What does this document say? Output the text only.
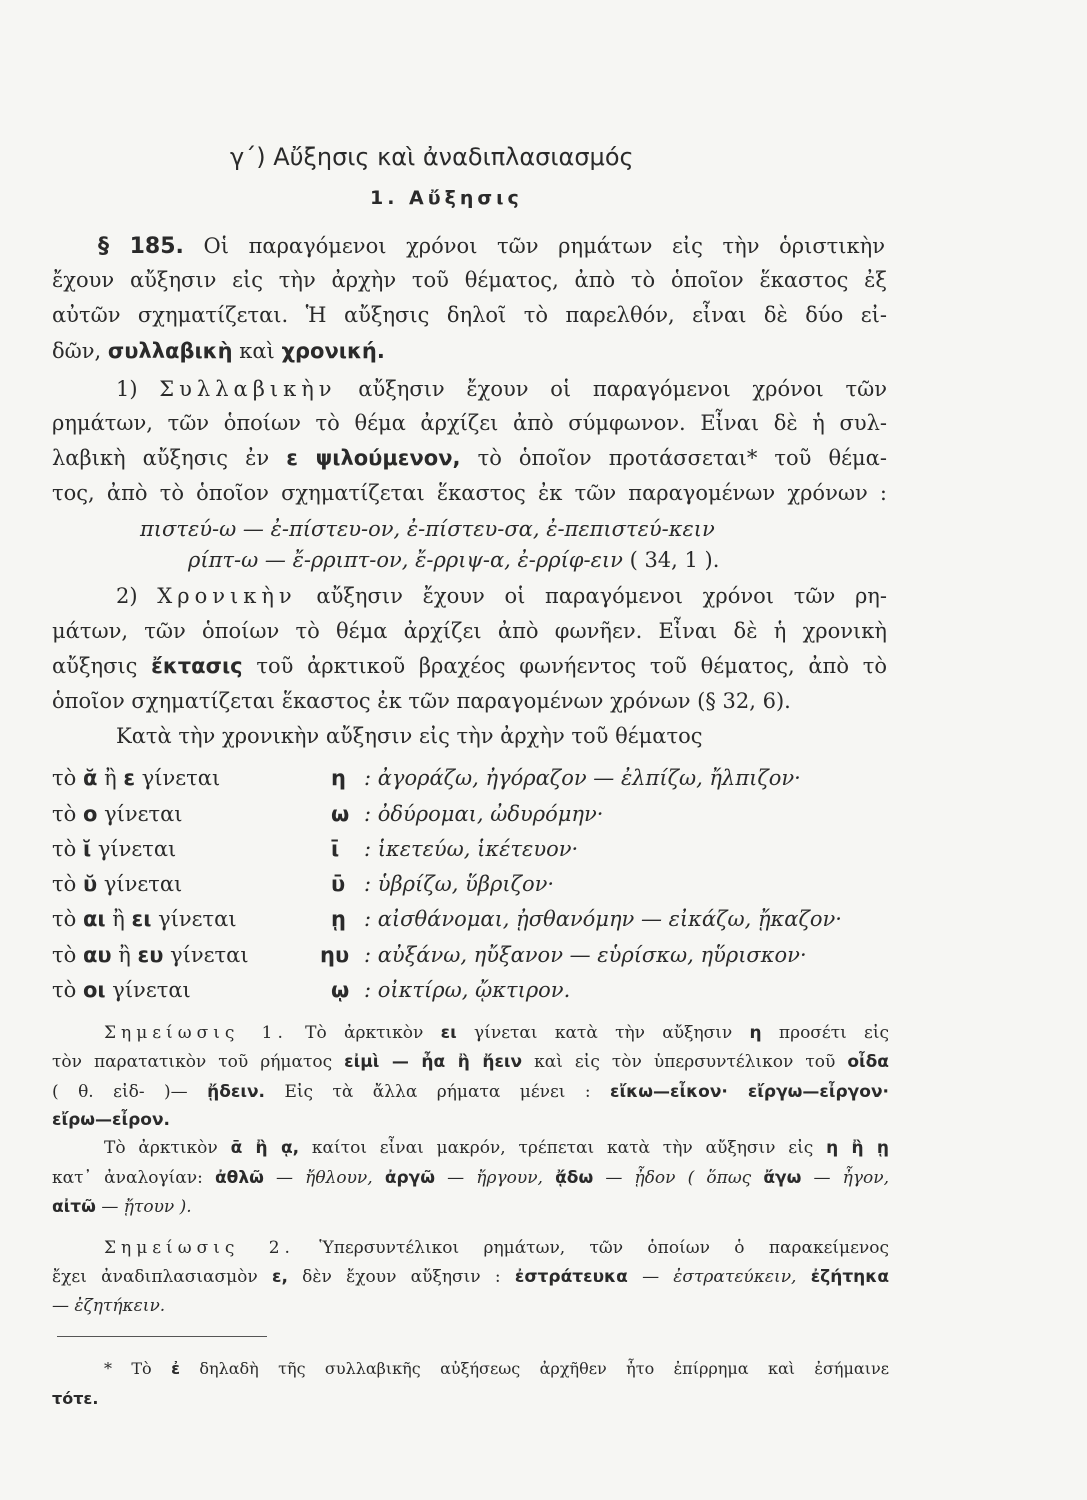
γ΄) Αὔξησις καὶ ἀναδιπλασιασμός
1. Αὔξησις
§ 185. Οἱ παραγόμενοι χρόνοι τῶν ρημάτων εἰς τὴν ὁριστικὴν
ἔχουν αὔξησιν εἰς τὴν ἀρχὴν τοῦ θέματος, ἀπὸ τὸ ὁποῖον ἕκαστος ἐξ
αὐτῶν σχηματίζεται. Ἡ αὔξησις δηλοῖ τὸ παρελθόν, εἶναι δὲ δύο εἰ-
δῶν, συλλαβικὴ καὶ χρονική.
1) Συλλαβικὴν αὔξησιν ἔχουν οἱ παραγόμενοι χρόνοι τῶν
ρημάτων, τῶν ὁποίων τὸ θέμα ἀρχίζει ἀπὸ σύμφωνον. Εἶναι δὲ ἡ συλ-
λαβικὴ αὔξησις ἐν ε ψιλούμενον, τὸ ὁποῖον προτάσσεται* τοῦ θέμα-
τος, ἀπὸ τὸ ὁποῖον σχηματίζεται ἕκαστος ἐκ τῶν παραγομένων χρόνων :
πιστεύ-ω — ἐ-πίστευ-ον, ἐ-πίστευ-σα, ἐ-πεπιστεύ-κειν
ρίπτ-ω — ἔ-ρριπτ-ον, ἔ-ρριψ-α, ἐ-ρρίφ-ειν ( 34, 1 ).
2) Χρονικὴν αὔξησιν ἔχουν οἱ παραγόμενοι χρόνοι τῶν ρη-
μάτων, τῶν ὁποίων τὸ θέμα ἀρχίζει ἀπὸ φωνῆεν. Εἶναι δὲ ἡ χρονικὴ
αὔξησις ἔκτασις τοῦ ἀρκτικοῦ βραχέος φωνήεντος τοῦ θέματος, ἀπὸ τὸ
ὁποῖον σχηματίζεται ἕκαστος ἐκ τῶν παραγομένων χρόνων (§ 32, 6).
Κατὰ τὴν χρονικὴν αὔξησιν εἰς τὴν ἀρχὴν τοῦ θέματος
τὸ ᾰ ἢ ε γίνεται	η : ἀγοράζω, ἠγόραζον — ἐλπίζω, ἤλπιζον·
τὸ ο γίνεται	ω : ὀδύρομαι, ὠδυρόμην·
τὸ ῐ γίνεται	ῑ : ἱκετεύω, ἱκέτευον·
τὸ ῠ γίνεται	ῡ : ὑβρίζω, ὕβριζον·
τὸ αι ἢ ει γίνεται	ῃ : αἰσθάνομαι, ᾐσθανόμην — εἰκάζω, ᾔκαζον·
τὸ αυ ἢ ευ γίνεται	ηυ : αὐξάνω, ηὔξανον — εὑρίσκω, ηὕρισκον·
τὸ οι γίνεται	ῳ : οἰκτίρω, ᾤκτιρον.
Σημείωσις 1. Τὸ ἀρκτικὸν ει γίνεται κατὰ τὴν αὔξησιν η προσέτι εἰς
τὸν παρατατικὸν τοῦ ρήματος εἰμὶ — ἦα ἢ ἤειν καὶ εἰς τὸν ὑπερσυντέλικον τοῦ οἶδα
( θ. εἰδ- )— ᾔδειν. Εἰς τὰ ἄλλα ρήματα μένει : εἴκω—εἶκον· εἴργω—εἶργον·
εἴρω—εἶρον.
Τὸ ἀρκτικὸν ᾱ ἢ ᾳ, καίτοι εἶναι μακρόν, τρέπεται κατὰ τὴν αὔξησιν εἰς η ἢ ῃ
κατ᾽ ἀναλογίαν: ἀθλῶ — ἤθλουν, ἀργῶ — ἤργουν, ᾄδω — ᾖδον ( ὅπως ἄγω — ἦγον,
αἰτῶ — ᾔτουν ).
Σημείωσις 2. Ὑπερσυντέλικοι ρημάτων, τῶν ὁποίων ὁ παρακείμενος
ἔχει ἀναδιπλασιασμὸν ε, δὲν ἔχουν αὔξησιν : ἐστράτευκα — ἐστρατεύκειν, ἐζήτηκα
— ἐζητήκειν.
* Τὸ ἐ δηλαδὴ τῆς συλλαβικῆς αὐξήσεως ἀρχῆθεν ἦτο ἐπίρρημα καὶ ἐσήμαινε
τότε.
